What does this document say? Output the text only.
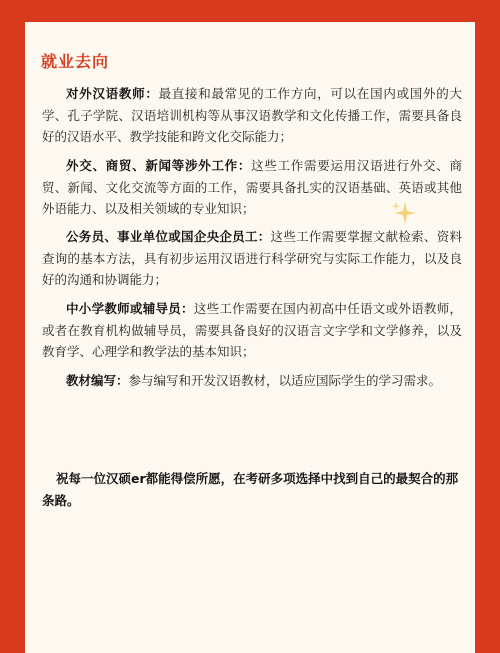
就业去向
对外汉语教师：最直接和最常见的工作方向，可以在国内或国外的大学、孔子学院、汉语培训机构等从事汉语教学和文化传播工作，需要具备良好的汉语水平、教学技能和跨文化交际能力；
外交、商贸、新闻等涉外工作：这些工作需要运用汉语进行外交、商贸、新闻、文化交流等方面的工作，需要具备扎实的汉语基础、英语或其他外语能力、以及相关领域的专业知识；
公务员、事业单位或国企央企员工：这些工作需要掌握文献检索、资料查询的基本方法，具有初步运用汉语进行科学研究与实际工作能力，以及良好的沟通和协调能力；
中小学教师或辅导员：这些工作需要在国内初高中任语文或外语教师，或者在教育机构做辅导员，需要具备良好的汉语言文字学和文学修养，以及教育学、心理学和教学法的基本知识；
教材编写：参与编写和开发汉语教材，以适应国际学生的学习需求。
祝每一位汉硕er都能得偿所愿，在考研多项选择中找到自己的最契合的那条路。
